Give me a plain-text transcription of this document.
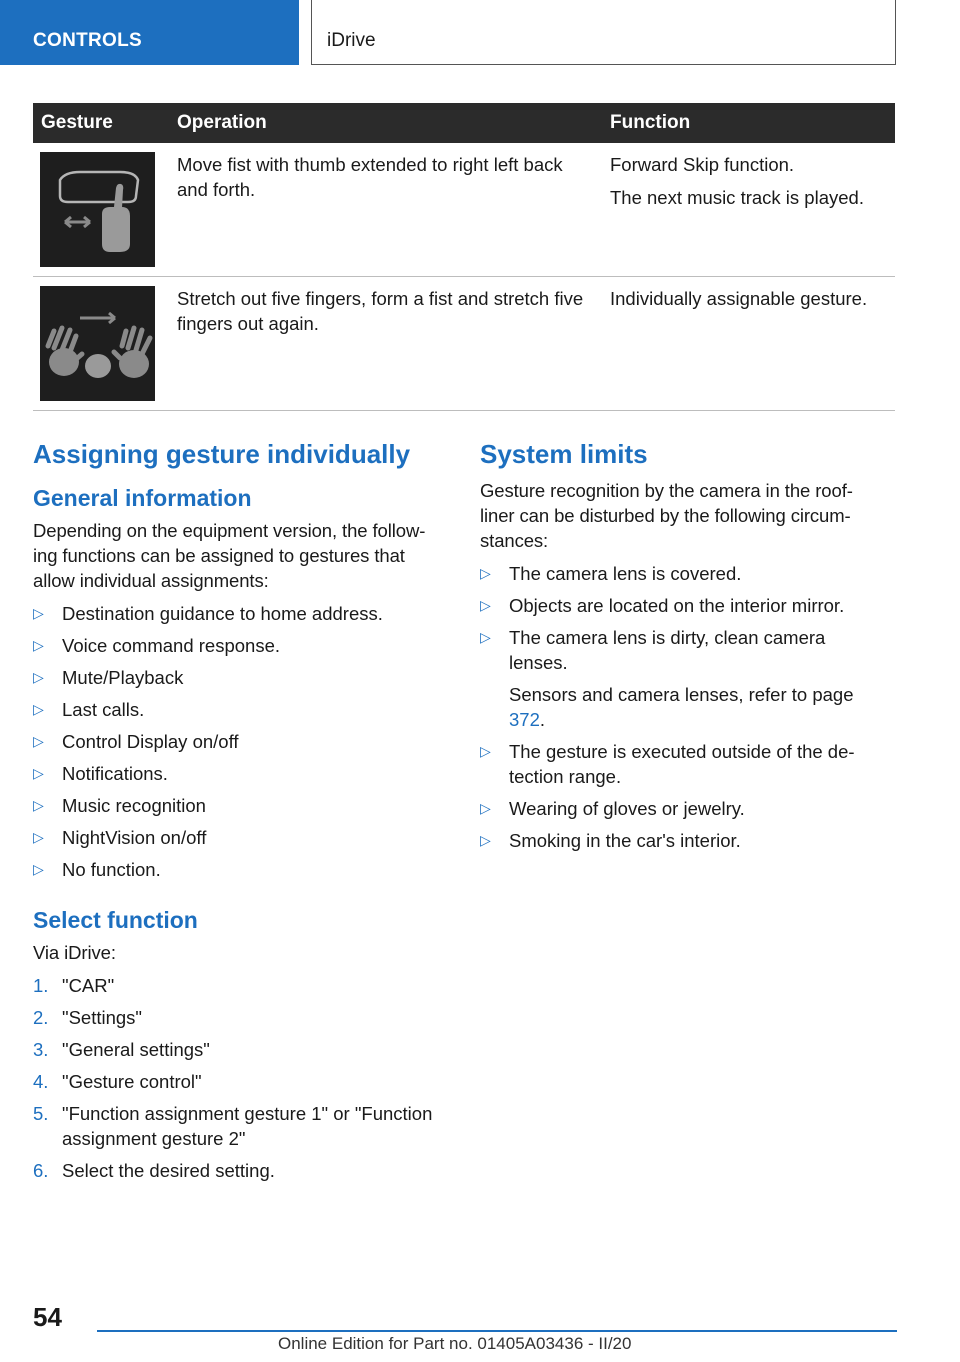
CONTROLS	iDrive
Gesture	Operation	Function

	Move fist with thumb extended to right left back and forth.	Forward Skip function.

The next music track is played.

	Stretch out five fingers, form a fist and stretch five fingers out again.	Individually assignable gesture.

Assigning gesture individually
General information

Depending on the equipment version, the follow-ing functions can be assigned to gestures that allow individual assignments:

▷ Destination guidance to home address.
▷ Voice command response.
▷ Mute/Playback
▷ Last calls.
▷ Control Display on/off
▷ Notifications.
▷ Music recognition
▷ NightVision on/off
▷ No function.
Select function

Via iDrive:

1. "CAR"
2. "Settings"
3. "General settings"
4. "Gesture control"
5. "Function assignment gesture 1" or "Function assignment gesture 2"
6. Select the desired setting.
System limits

Gesture recognition by the camera in the roof-liner can be disturbed by the following circum-stances:

▷ The camera lens is covered.
▷ Objects are located on the interior mirror.
▷ The camera lens is dirty, clean camera lenses.
Sensors and camera lenses, refer to page 372.
▷ The gesture is executed outside of the de-tection range.
▷ Wearing of gloves or jewelry.
▷ Smoking in the car's interior.
54
Online Edition for Part no. 01405A03436 - II/20
